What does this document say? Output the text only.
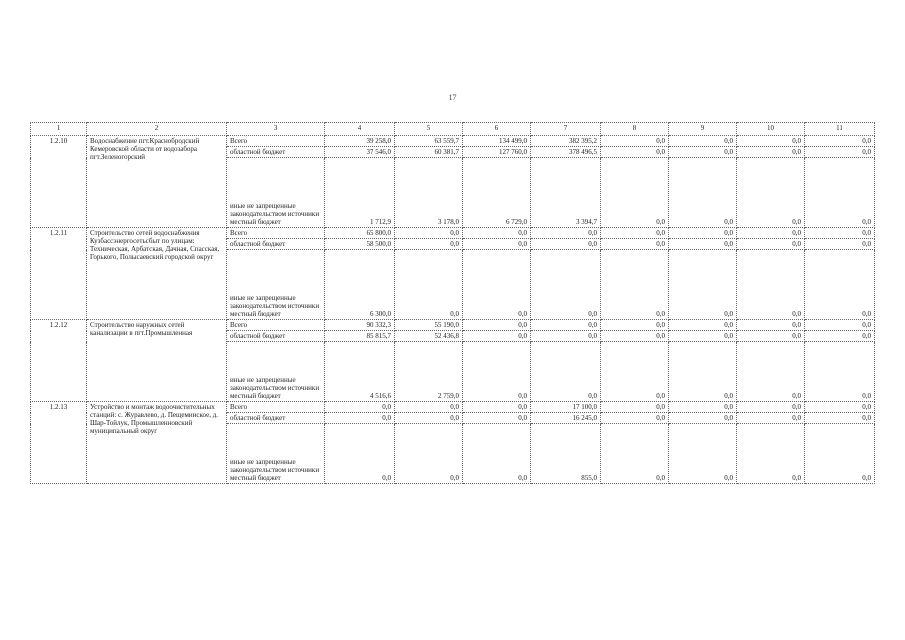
17
1	2	3	4	5	6	7	8	9	10	11
1.2.10	Водоснабжение пгт.Краснобродский Кемеровской области от водозабора пгт.Зеленогорский	Всего	39 258,0	63 559,7	134 499,0	382 395,2	0,0	0,0	0,0	0,0

		областной бюджет	37 546,0	60 381,7	127 760,0	378 496,5	0,0	0,0	0,0	0,0

		иные не запрещенные законодательством источники
местный бюджет	1 712,9	3 178,0	6 729,0	3 394,7	0,0	0,0	0,0	0,0
1.2.11	Строительство сетей водоснабжения Кузбассэнергосетьсбыт по улицам: Техническая, Арбатская, Дачная, Спасская, Горького, Полысаевский городской округ	Всего	65 800,0	0,0	0,0	0,0	0,0	0,0	0,0	0,0

		областной бюджет	58 500,0	0,0	0,0	0,0	0,0	0,0	0,0	0,0

		иные не запрещенные законодательством источники
местный бюджет	6 300,0	0,0	0,0	0,0	0,0	0,0	0,0	0,0
1.2.12	Строительство наружных сетей канализации в пгт.Промышленная	Всего	90 332,3	55 190,0	0,0	0,0	0,0	0,0	0,0	0,0

		областной бюджет	85 815,7	52 436,8	0,0	0,0	0,0	0,0	0,0	0,0

		иные не запрещенные законодательством источники
местный бюджет	4 516,6	2 759,0	0,0	0,0	0,0	0,0	0,0	0,0
1.2.13	Устройство и монтаж водоочистительных станций: с. Журавлево, д. Пещеминское, д. Шар-Тойлук, Промышленновский муниципальный округ	Всего	0,0	0,0	0,0	17 100,0	0,0	0,0	0,0	0,0

		областной бюджет	0,0	0,0	0,0	16 245,0	0,0	0,0	0,0	0,0

		иные не запрещенные законодательством источники
местный бюджет	0,0	0,0	0,0	855,0	0,0	0,0	0,0	0,0
